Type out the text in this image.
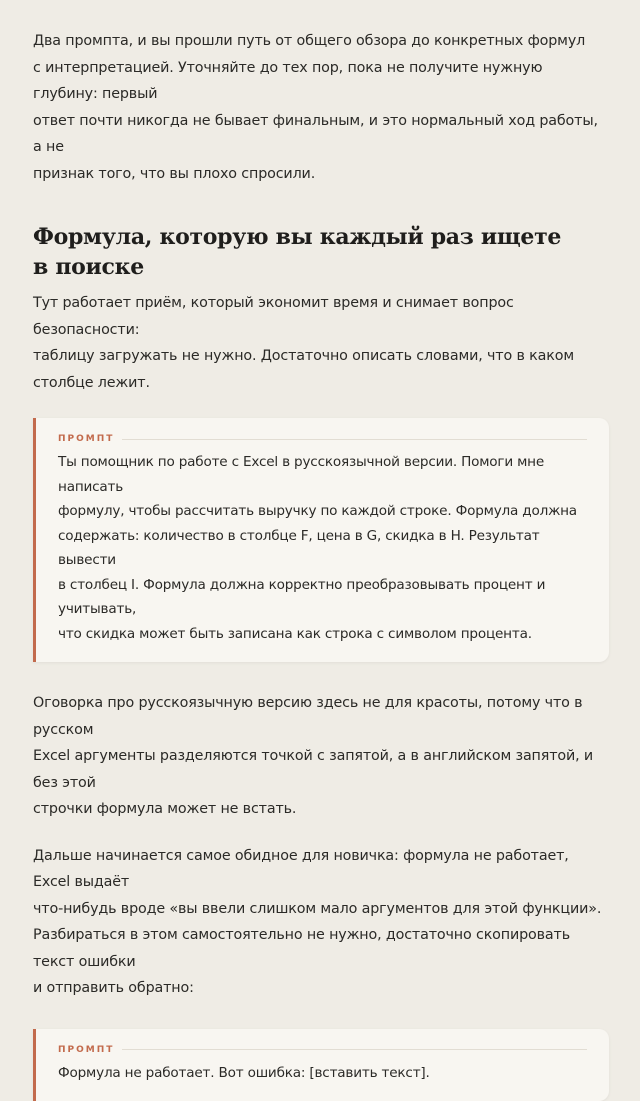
Два промпта, и вы прошли путь от общего обзора до конкретных формул
с интерпретацией. Уточняйте до тех пор, пока не получите нужную глубину: первый
ответ почти никогда не бывает финальным, и это нормальный ход работы, а не
признак того, что вы плохо спросили.

Формула, которую вы каждый раз ищете
в поиске

Тут работает приём, который экономит время и снимает вопрос безопасности:
таблицу загружать не нужно. Достаточно описать словами, что в каком столбце лежит.

ПРОМПТ
Ты помощник по работе с Excel в русскоязычной версии. Помоги мне написать
формулу, чтобы рассчитать выручку по каждой строке. Формула должна
содержать: количество в столбце F, цена в G, скидка в H. Результат вывести
в столбец I. Формула должна корректно преобразовывать процент и учитывать,
что скидка может быть записана как строка с символом процента.

Оговорка про русскоязычную версию здесь не для красоты, потому что в русском
Excel аргументы разделяются точкой с запятой, а в английском запятой, и без этой
строчки формула может не встать.

Дальше начинается самое обидное для новичка: формула не работает, Excel выдаёт
что-нибудь вроде «вы ввели слишком мало аргументов для этой функции».
Разбираться в этом самостоятельно не нужно, достаточно скопировать текст ошибки
и отправить обратно:

ПРОМПТ
Формула не работает. Вот ошибка: [вставить текст].
